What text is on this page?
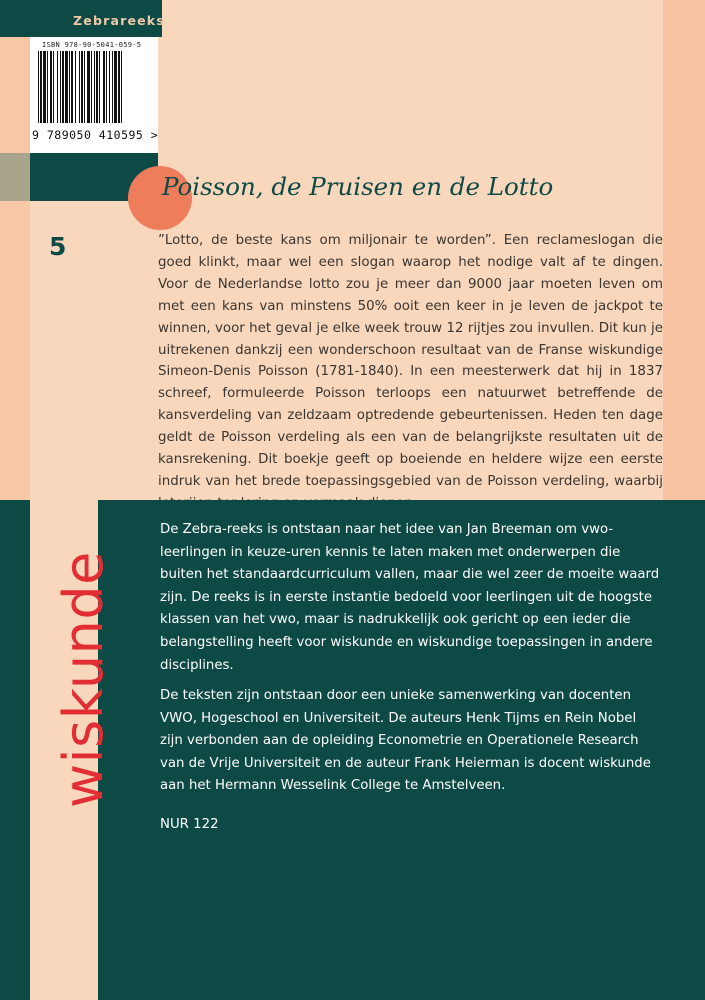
Zebrareeks
ISBN 978-90-5041-059-5
9 789050 410595 >
Poisson, de Pruisen en de Lotto
5	”Lotto, de beste kans om miljonair te worden”. Een reclameslogan die goed klinkt, maar wel een slogan waarop het nodige valt af te dingen. Voor de Nederlandse lotto zou je meer dan 9000 jaar moeten leven om met een kans van minstens 50% ooit een keer in je leven de jackpot te winnen, voor het geval je elke week trouw 12 rijtjes zou invullen. Dit kun je uitrekenen dankzij een wonderschoon resultaat van de Franse wiskundige Simeon-Denis Poisson (1781-1840). In een meesterwerk dat hij in 1837 schreef, formuleerde Poisson terloops een natuurwet betreffende de kansverdeling van zeldzaam optredende gebeurtenissen. Heden ten dage geldt de Poisson verdeling als een van de belangrijkste resultaten uit de kansrekening. Dit boekje geeft op boeiende en heldere wijze een eerste indruk van het brede toepassingsgebied van de Poisson verdeling, waarbij
wiskunde
De Zebra-reeks is ontstaan naar het idee van Jan Breeman om vwo-leerlingen in keuze-uren kennis te laten maken met onderwerpen die buiten het standaardcurriculum vallen, maar die wel zeer de moeite waard zijn. De reeks is in eerste instantie bedoeld voor leerlingen uit de hoogste klassen van het vwo, maar is nadrukkelijk ook gericht op een ieder die belangstelling heeft voor wiskunde en wiskundige toepassingen in andere disciplines.
De teksten zijn ontstaan door een unieke samenwerking van docenten VWO, Hogeschool en Universiteit. De auteurs Henk Tijms en Rein Nobel zijn verbonden aan de opleiding Econometrie en Operationele Research van de Vrije Universiteit en de auteur Frank Heierman is docent wiskunde aan het Hermann Wesselink College te Amstelveen.
NUR 122
